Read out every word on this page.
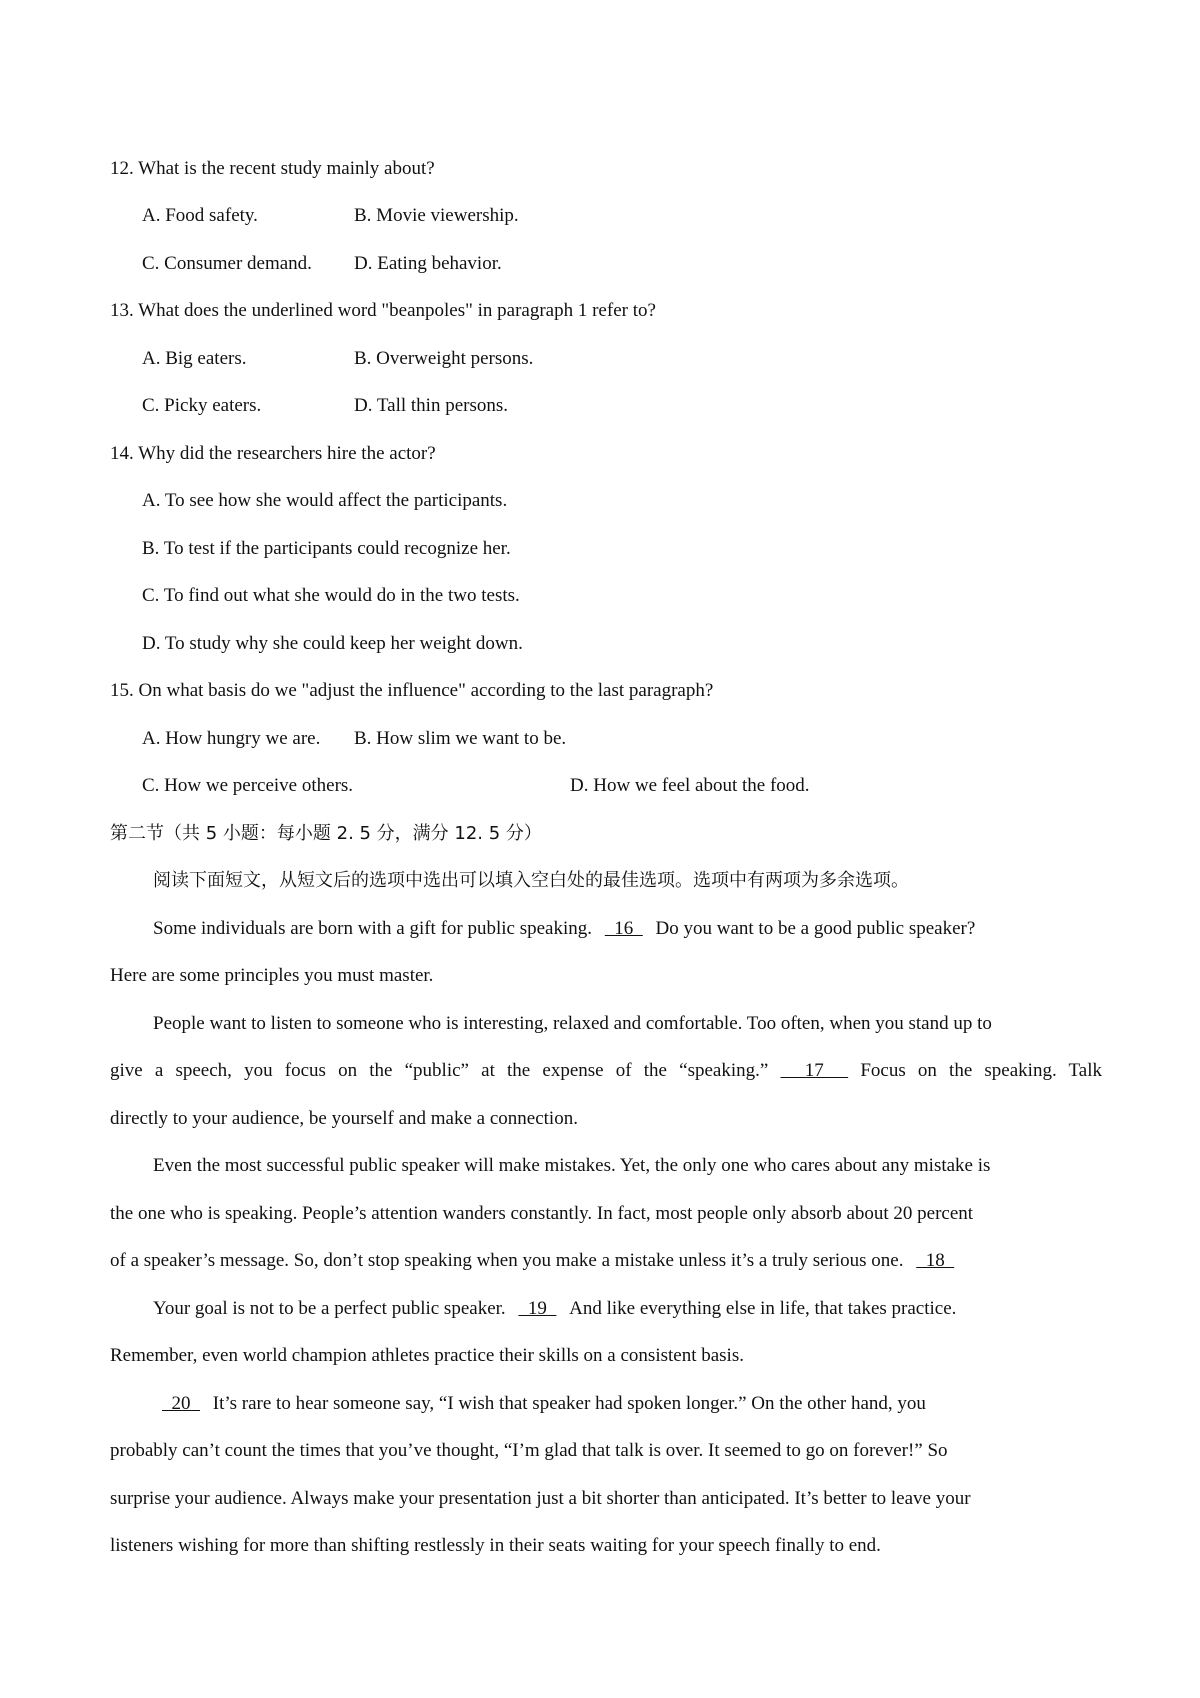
12. What is the recent study mainly about?
A. Food safety.	B. Movie viewership.
C. Consumer demand. D. Eating behavior.
13. What does the underlined word "beanpoles" in paragraph 1 refer to?
A. Big eaters.	B. Overweight persons.
C. Picky eaters.	D. Tall thin persons.
14. Why did the researchers hire the actor?
A. To see how she would affect the participants.
B. To test if the participants could recognize her.
C. To find out what she would do in the two tests.
D. To study why she could keep her weight down.
15. On what basis do we "adjust the influence" according to the last paragraph?
A. How hungry we are. B. How slim we want to be.
C. How we perceive others.	D. How we feel about the food.
第二节（共 5 小题：每小题 2. 5 分，满分 12. 5 分）
阅读下面短文，从短文后的选项中选出可以填入空白处的最佳选项。选项中有两项为多余选项。
Some individuals are born with a gift for public speaking.   16   Do you want to be a good public speaker?
Here are some principles you must master.
People want to listen to someone who is interesting, relaxed and comfortable. Too often, when you stand up to
give a speech, you focus on the “public” at the expense of the “speaking.”   17   Focus on the speaking. Talk
directly to your audience, be yourself and make a connection.
Even the most successful public speaker will make mistakes. Yet, the only one who cares about any mistake is
the one who is speaking. People’s attention wanders constantly. In fact, most people only absorb about 20 percent
of a speaker’s message. So, don’t stop speaking when you make a mistake unless it’s a truly serious one.   18
Your goal is not to be a perfect public speaker.   19   And like everything else in life, that takes practice.
Remember, even world champion athletes practice their skills on a consistent basis.
20   It’s rare to hear someone say, “I wish that speaker had spoken longer.” On the other hand, you
probably can’t count the times that you’ve thought, “I’m glad that talk is over. It seemed to go on forever!” So
surprise your audience. Always make your presentation just a bit shorter than anticipated. It’s better to leave your
listeners wishing for more than shifting restlessly in their seats waiting for your speech finally to end.
